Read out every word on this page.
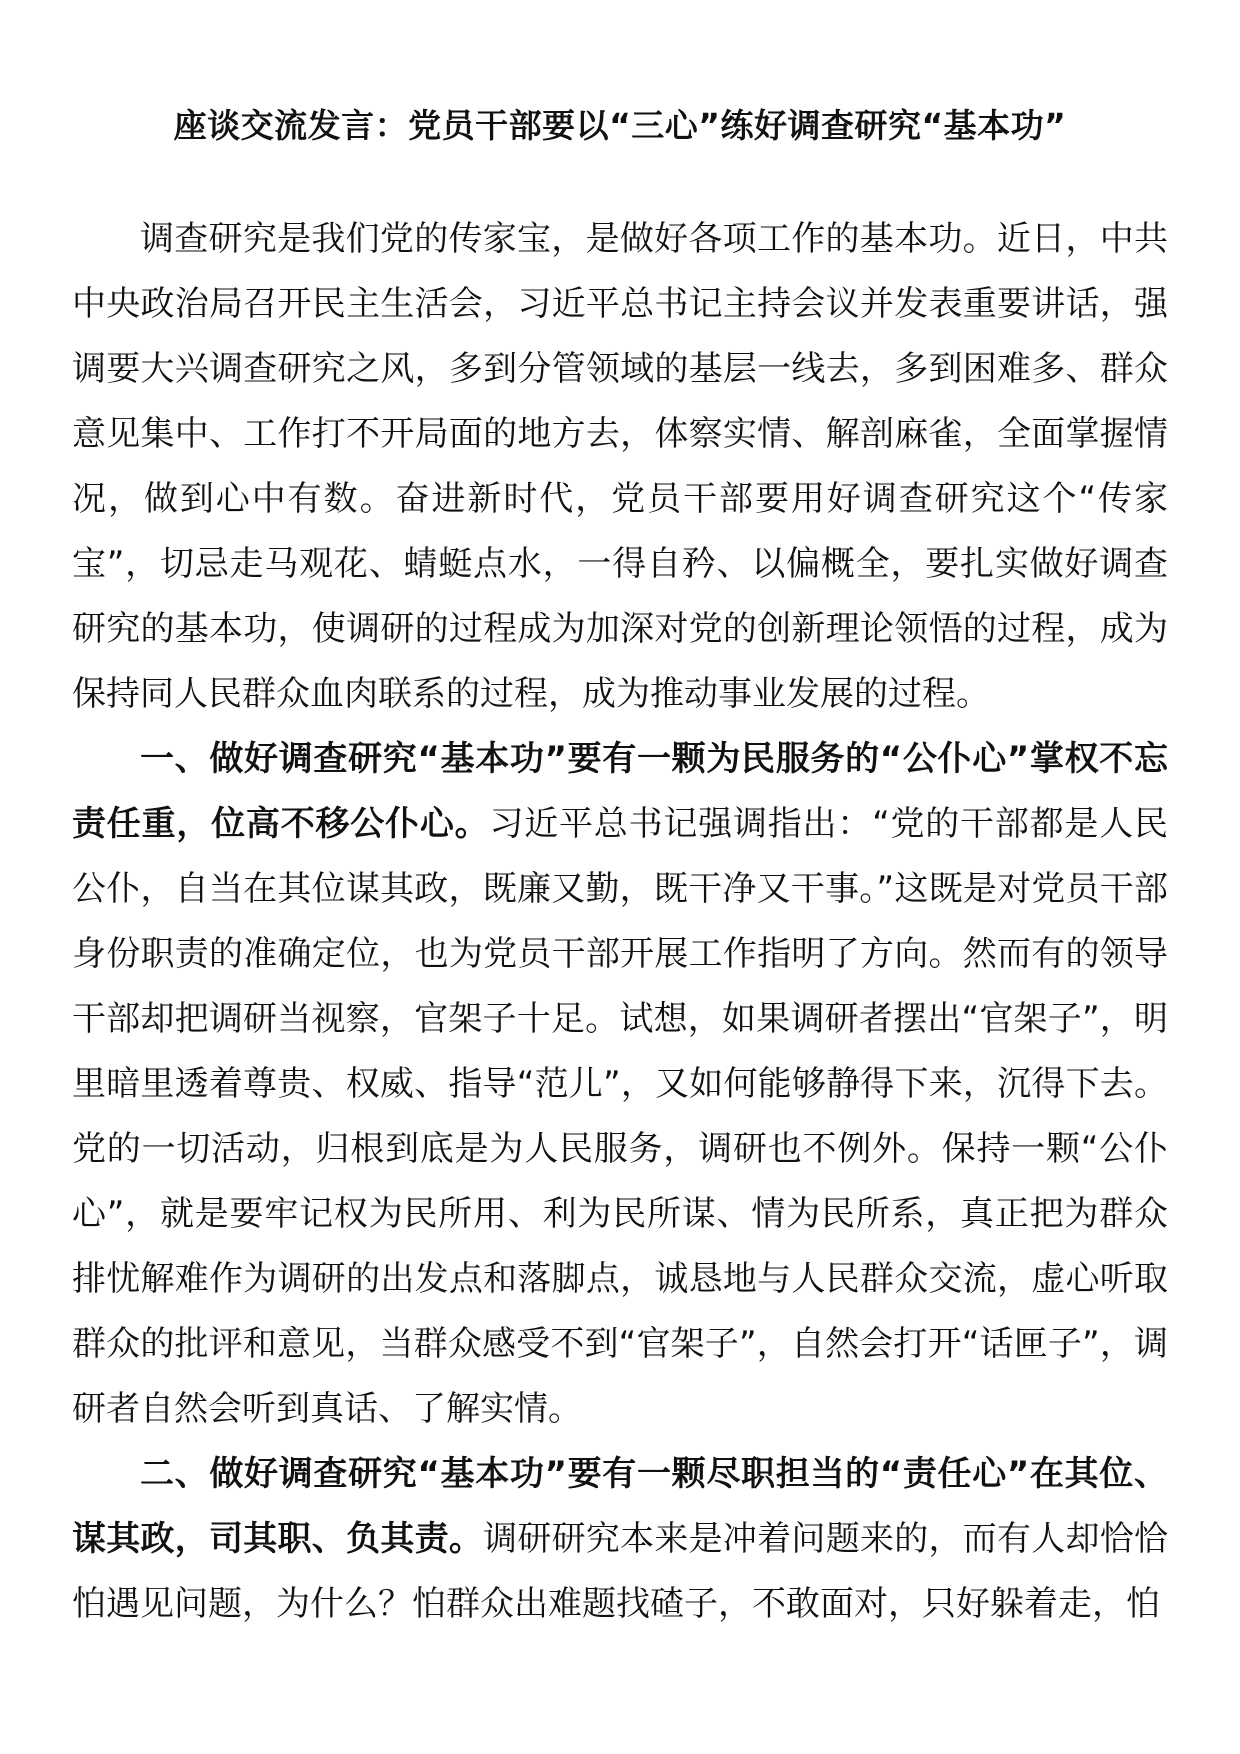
座谈交流发言：党员干部要以“三心”练好调查研究“基本功”

调查研究是我们党的传家宝，是做好各项工作的基本功。近日，中共中央政治局召开民主生活会，习近平总书记主持会议并发表重要讲话，强调要大兴调查研究之风，多到分管领域的基层一线去，多到困难多、群众意见集中、工作打不开局面的地方去，体察实情、解剖麻雀，全面掌握情况，做到心中有数。奋进新时代，党员干部要用好调查研究这个“传家宝”，切忌走马观花、蜻蜓点水，一得自矜、以偏概全，要扎实做好调查研究的基本功，使调研的过程成为加深对党的创新理论领悟的过程，成为保持同人民群众血肉联系的过程，成为推动事业发展的过程。

一、做好调查研究“基本功”要有一颗为民服务的“公仆心”掌权不忘责任重，位高不移公仆心。习近平总书记强调指出：“党的干部都是人民公仆，自当在其位谋其政，既廉又勤，既干净又干事。”这既是对党员干部身份职责的准确定位，也为党员干部开展工作指明了方向。然而有的领导干部却把调研当视察，官架子十足。试想，如果调研者摆出“官架子”，明里暗里透着尊贵、权威、指导“范儿”，又如何能够静得下来，沉得下去。党的一切活动，归根到底是为人民服务，调研也不例外。保持一颗“公仆心”，就是要牢记权为民所用、利为民所谋、情为民所系，真正把为群众排忧解难作为调研的出发点和落脚点，诚恳地与人民群众交流，虚心听取群众的批评和意见，当群众感受不到“官架子”，自然会打开“话匣子”，调研者自然会听到真话、了解实情。

二、做好调查研究“基本功”要有一颗尽职担当的“责任心”在其位、谋其政，司其职、负其责。调研研究本来是冲着问题来的，而有人却恰恰怕遇见问题，为什么？怕群众出难题找碴子，不敢面对，只好躲着走，怕
